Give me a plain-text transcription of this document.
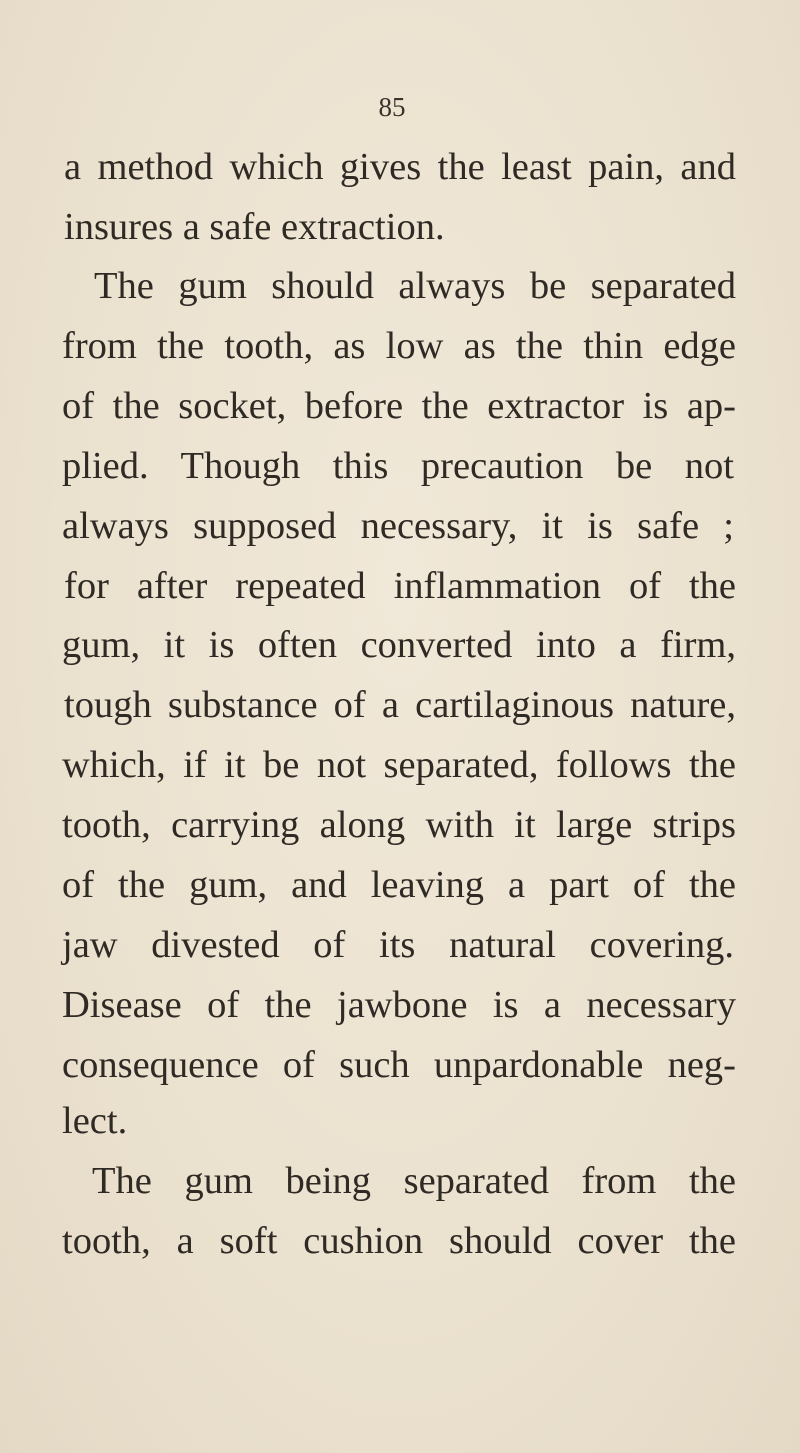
85
a method which gives the least pain, and
insures a safe extraction.
The gum should always be separated
from the tooth, as low as the thin edge
of the socket, before the extractor is ap-
plied. Though this precaution be not
always supposed necessary, it is safe ;
for after repeated inflammation of the
gum, it is often converted into a firm,
tough substance of a cartilaginous nature,
which, if it be not separated, follows the
tooth, carrying along with it large strips
of the gum, and leaving a part of the
jaw divested of its natural covering.
Disease of the jawbone is a necessary
consequence of such unpardonable neg-
lect.
The gum being separated from the
tooth, a soft cushion should cover the
